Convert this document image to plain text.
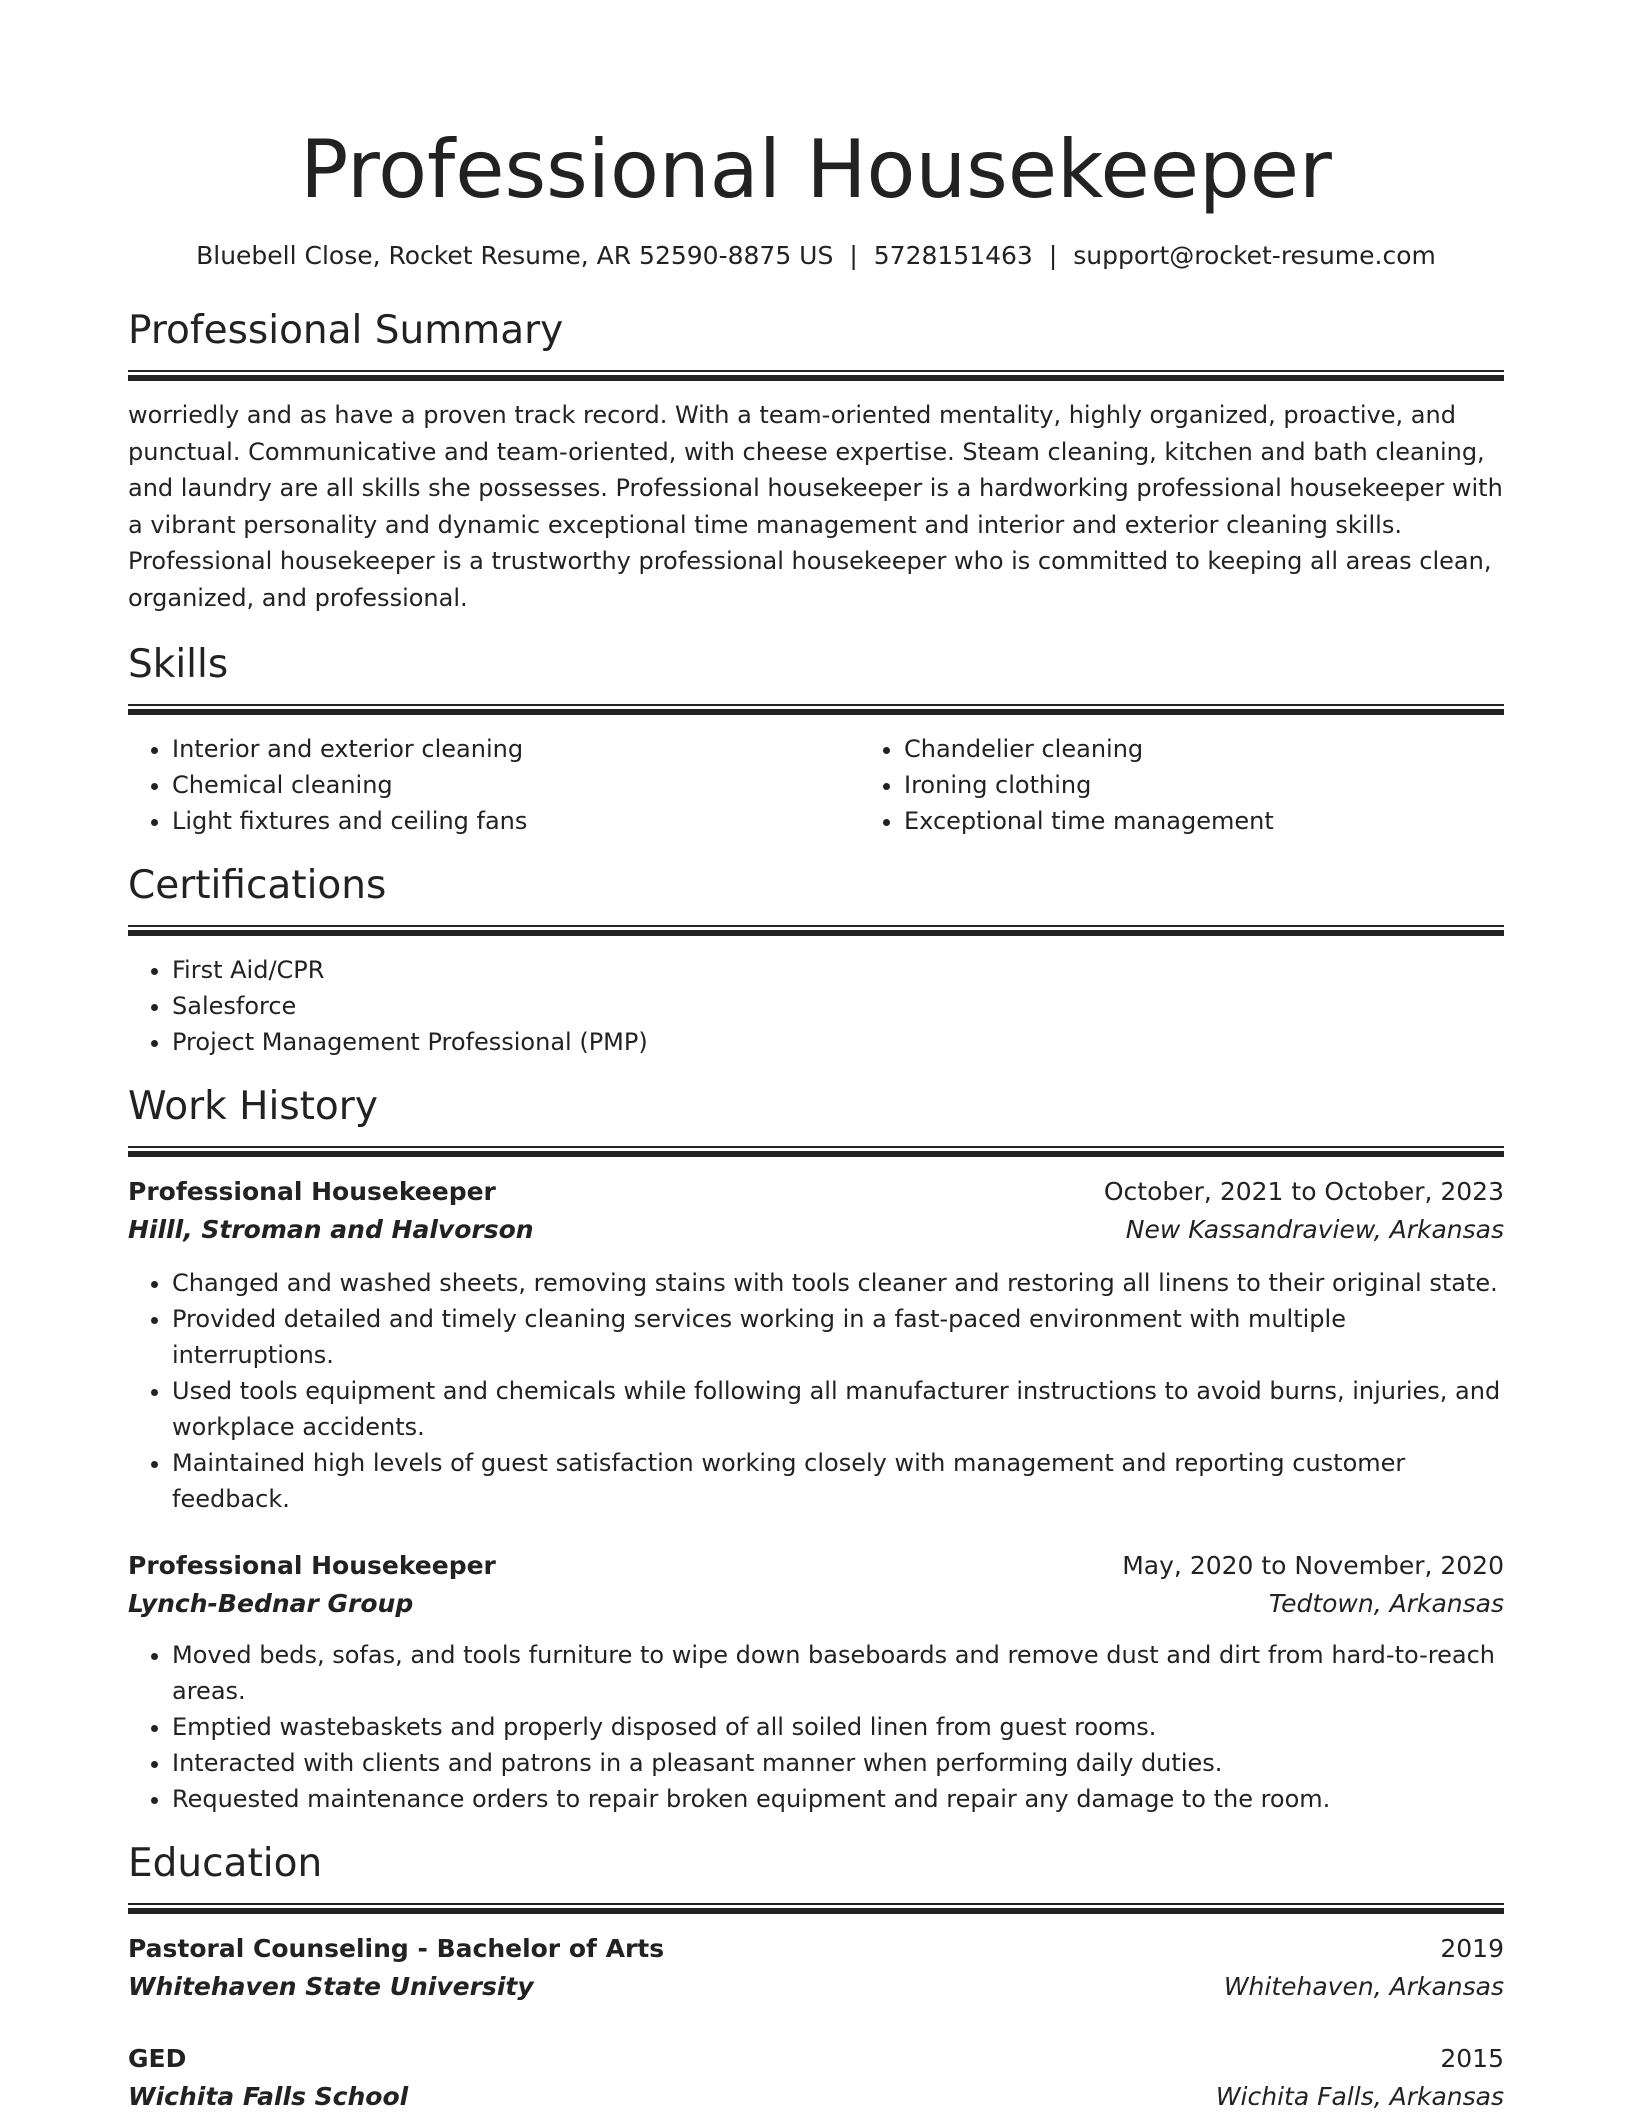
Professional Housekeeper
Bluebell Close, Rocket Resume, AR 52590-8875 US | 5728151463 | support@rocket-resume.com
Professional Summary
worriedly and as have a proven track record. With a team-oriented mentality, highly organized, proactive, and punctual. Communicative and team-oriented, with cheese expertise. Steam cleaning, kitchen and bath cleaning, and laundry are all skills she possesses. Professional housekeeper is a hardworking professional housekeeper with a vibrant personality and dynamic exceptional time management and interior and exterior cleaning skills. Professional housekeeper is a trustworthy professional housekeeper who is committed to keeping all areas clean, organized, and professional.
Skills
• Interior and exterior cleaning
• Chemical cleaning
• Light fixtures and ceiling fans
• Chandelier cleaning
• Ironing clothing
• Exceptional time management
Certifications
• First Aid/CPR
• Salesforce
• Project Management Professional (PMP)
Work History
Professional Housekeeper	October, 2021 to October, 2023
Hilll, Stroman and Halvorson	New Kassandraview, Arkansas
• Changed and washed sheets, removing stains with tools cleaner and restoring all linens to their original state.
• Provided detailed and timely cleaning services working in a fast-paced environment with multiple interruptions.
• Used tools equipment and chemicals while following all manufacturer instructions to avoid burns, injuries, and workplace accidents.
• Maintained high levels of guest satisfaction working closely with management and reporting customer feedback.
Professional Housekeeper	May, 2020 to November, 2020
Lynch-Bednar Group	Tedtown, Arkansas
• Moved beds, sofas, and tools furniture to wipe down baseboards and remove dust and dirt from hard-to-reach areas.
• Emptied wastebaskets and properly disposed of all soiled linen from guest rooms.
• Interacted with clients and patrons in a pleasant manner when performing daily duties.
• Requested maintenance orders to repair broken equipment and repair any damage to the room.
Education
Pastoral Counseling - Bachelor of Arts	2019
Whitehaven State University	Whitehaven, Arkansas
GED	2015
Wichita Falls School	Wichita Falls, Arkansas
